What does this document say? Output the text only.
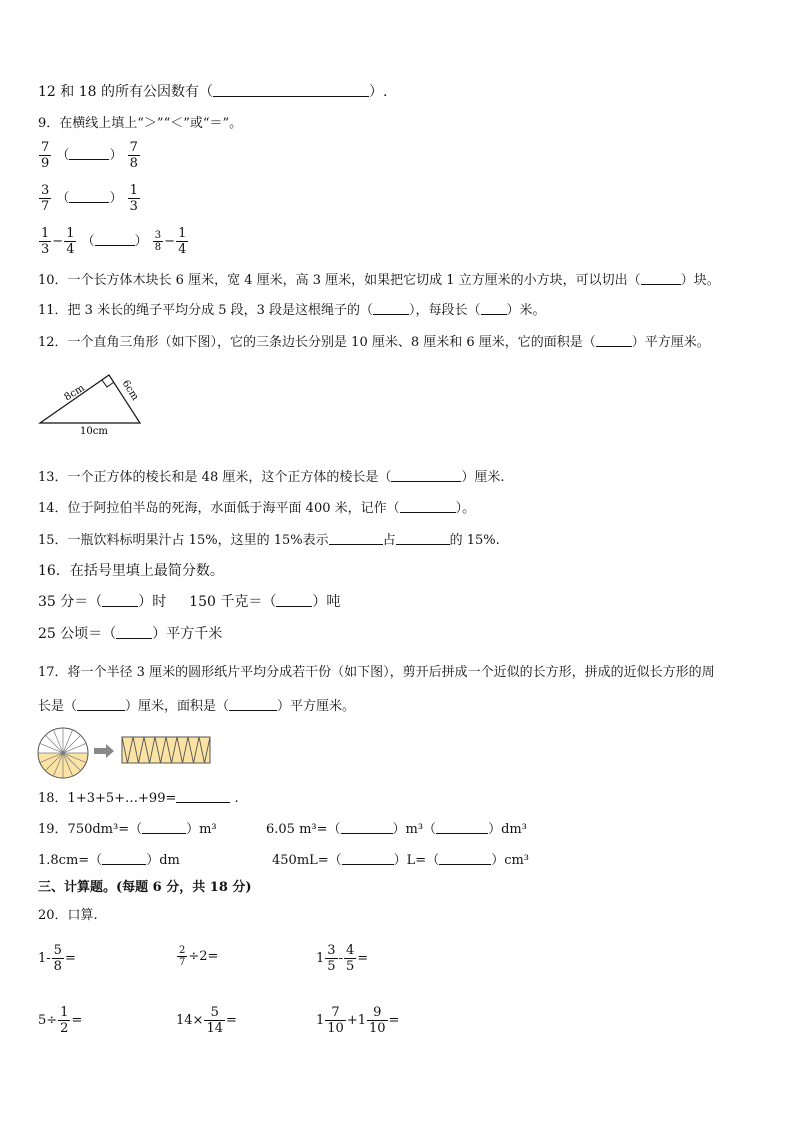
12 和 18 的所有公因数有（	）.
9．在横线上填上“＞”“＜”或“＝”。
$\frac{7}{9}$ （	） $\frac{7}{8}$
$\frac{3}{7}$ （	） $\frac{1}{3}$
$\frac{1}{3} - \frac{1}{4}$ （	） $\frac{3}{8} - \frac{1}{4}$
10．一个长方体木块长 6 厘米，宽 4 厘米，高 3 厘米，如果把它切成 1 立方厘米的小方块，可以切出（	）块。
11．把 3 米长的绳子平均分成 5 段，3 段是这根绳子的（	），每段长（ ）米。
12．一个直角三角形（如下图），它的三条边长分别是 10 厘米、8 厘米和 6 厘米，它的面积是（	）平方厘米。
8cm	6cm
10cm
13．一个正方体的棱长和是 48 厘米，这个正方体的棱长是（	）厘米.
14．位于阿拉伯半岛的死海，水面低于海平面 400 米，记作（	）。
15．一瓶饮料标明果汁占 15%，这里的 15%表示	占	的 15%.
16．在括号里填上最简分数。
35 分＝（	）时 150 千克＝（	）吨
25 公顷＝（	）平方千米
17．将一个半径 3 厘米的圆形纸片平均分成若干份（如下图），剪开后拼成一个近似的长方形，拼成的近似长方形的周
长是（	）厘米，面积是（	）平方厘米。
18．1+3+5+…+99=	.
19．750dm³=（	）m³	6.05 m³=（	）m³（	）dm³
1.8cm=（	）dm	450mL=（	）L=（	）cm³
三、计算题。(每题 6 分，共 18 分)
20．口算.
$1- \frac{5}{8}$ =	$\frac{2}{7} \div 2=$	$1 \frac{3}{5} - \frac{4}{5}$ =
$5\div \frac{1}{2}$ =	$14\times \frac{5}{14}$ =	$1 \frac{7}{10} +1 \frac{9}{10}$ =
